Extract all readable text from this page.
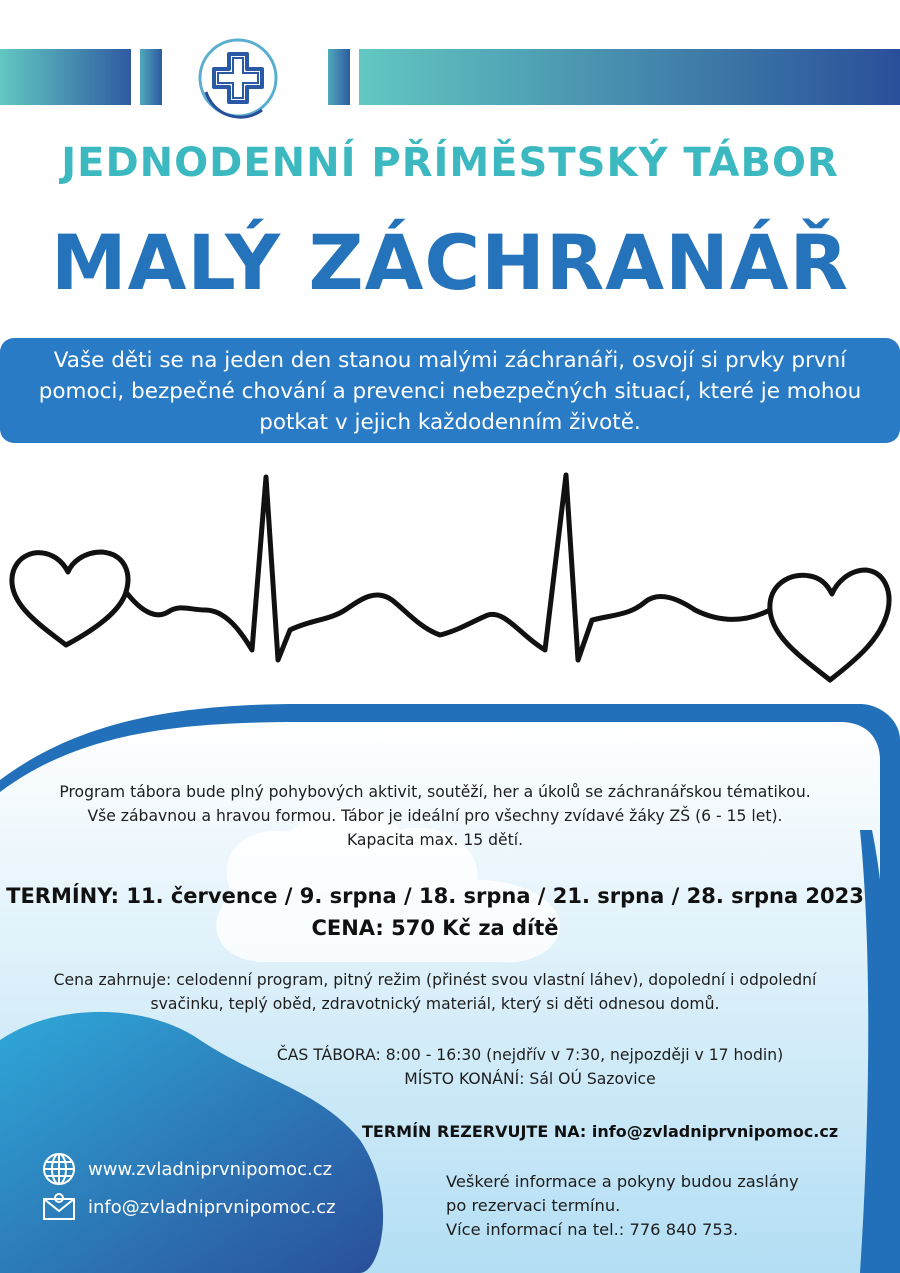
JEDNODENNÍ PŘÍMĚSTSKÝ TÁBOR
MALÝ ZÁCHRANÁŘ
Vaše děti se na jeden den stanou malými záchranáři, osvojí si prvky první
pomoci, bezpečné chování a prevenci nebezpečných situací, které je mohou
potkat v jejich každodenním životě.
Program tábora bude plný pohybových aktivit, soutěží, her a úkolů se záchranářskou tématikou.
Vše zábavnou a hravou formou. Tábor je ideální pro všechny zvídavé žáky ZŠ (6 - 15 let).
Kapacita max. 15 dětí.
TERMÍNY: 11. července / 9. srpna / 18. srpna / 21. srpna / 28. srpna 2023
CENA: 570 Kč za dítě
Cena zahrnuje: celodenní program, pitný režim (přinést svou vlastní láhev), dopolední i odpolední
svačinku, teplý oběd, zdravotnický materiál, který si děti odnesou domů.
ČAS TÁBORA: 8:00 - 16:30 (nejdřív v 7:30, nejpozději v 17 hodin)
MÍSTO KONÁNÍ: Sál OÚ Sazovice
TERMÍN REZERVUJTE NA: info@zvladniprvnipomoc.cz
www.zvladniprvnipomoc.cz
info@zvladniprvnipomoc.cz
Veškeré informace a pokyny budou zaslány
po rezervaci termínu.
Více informací na tel.: 776 840 753.
